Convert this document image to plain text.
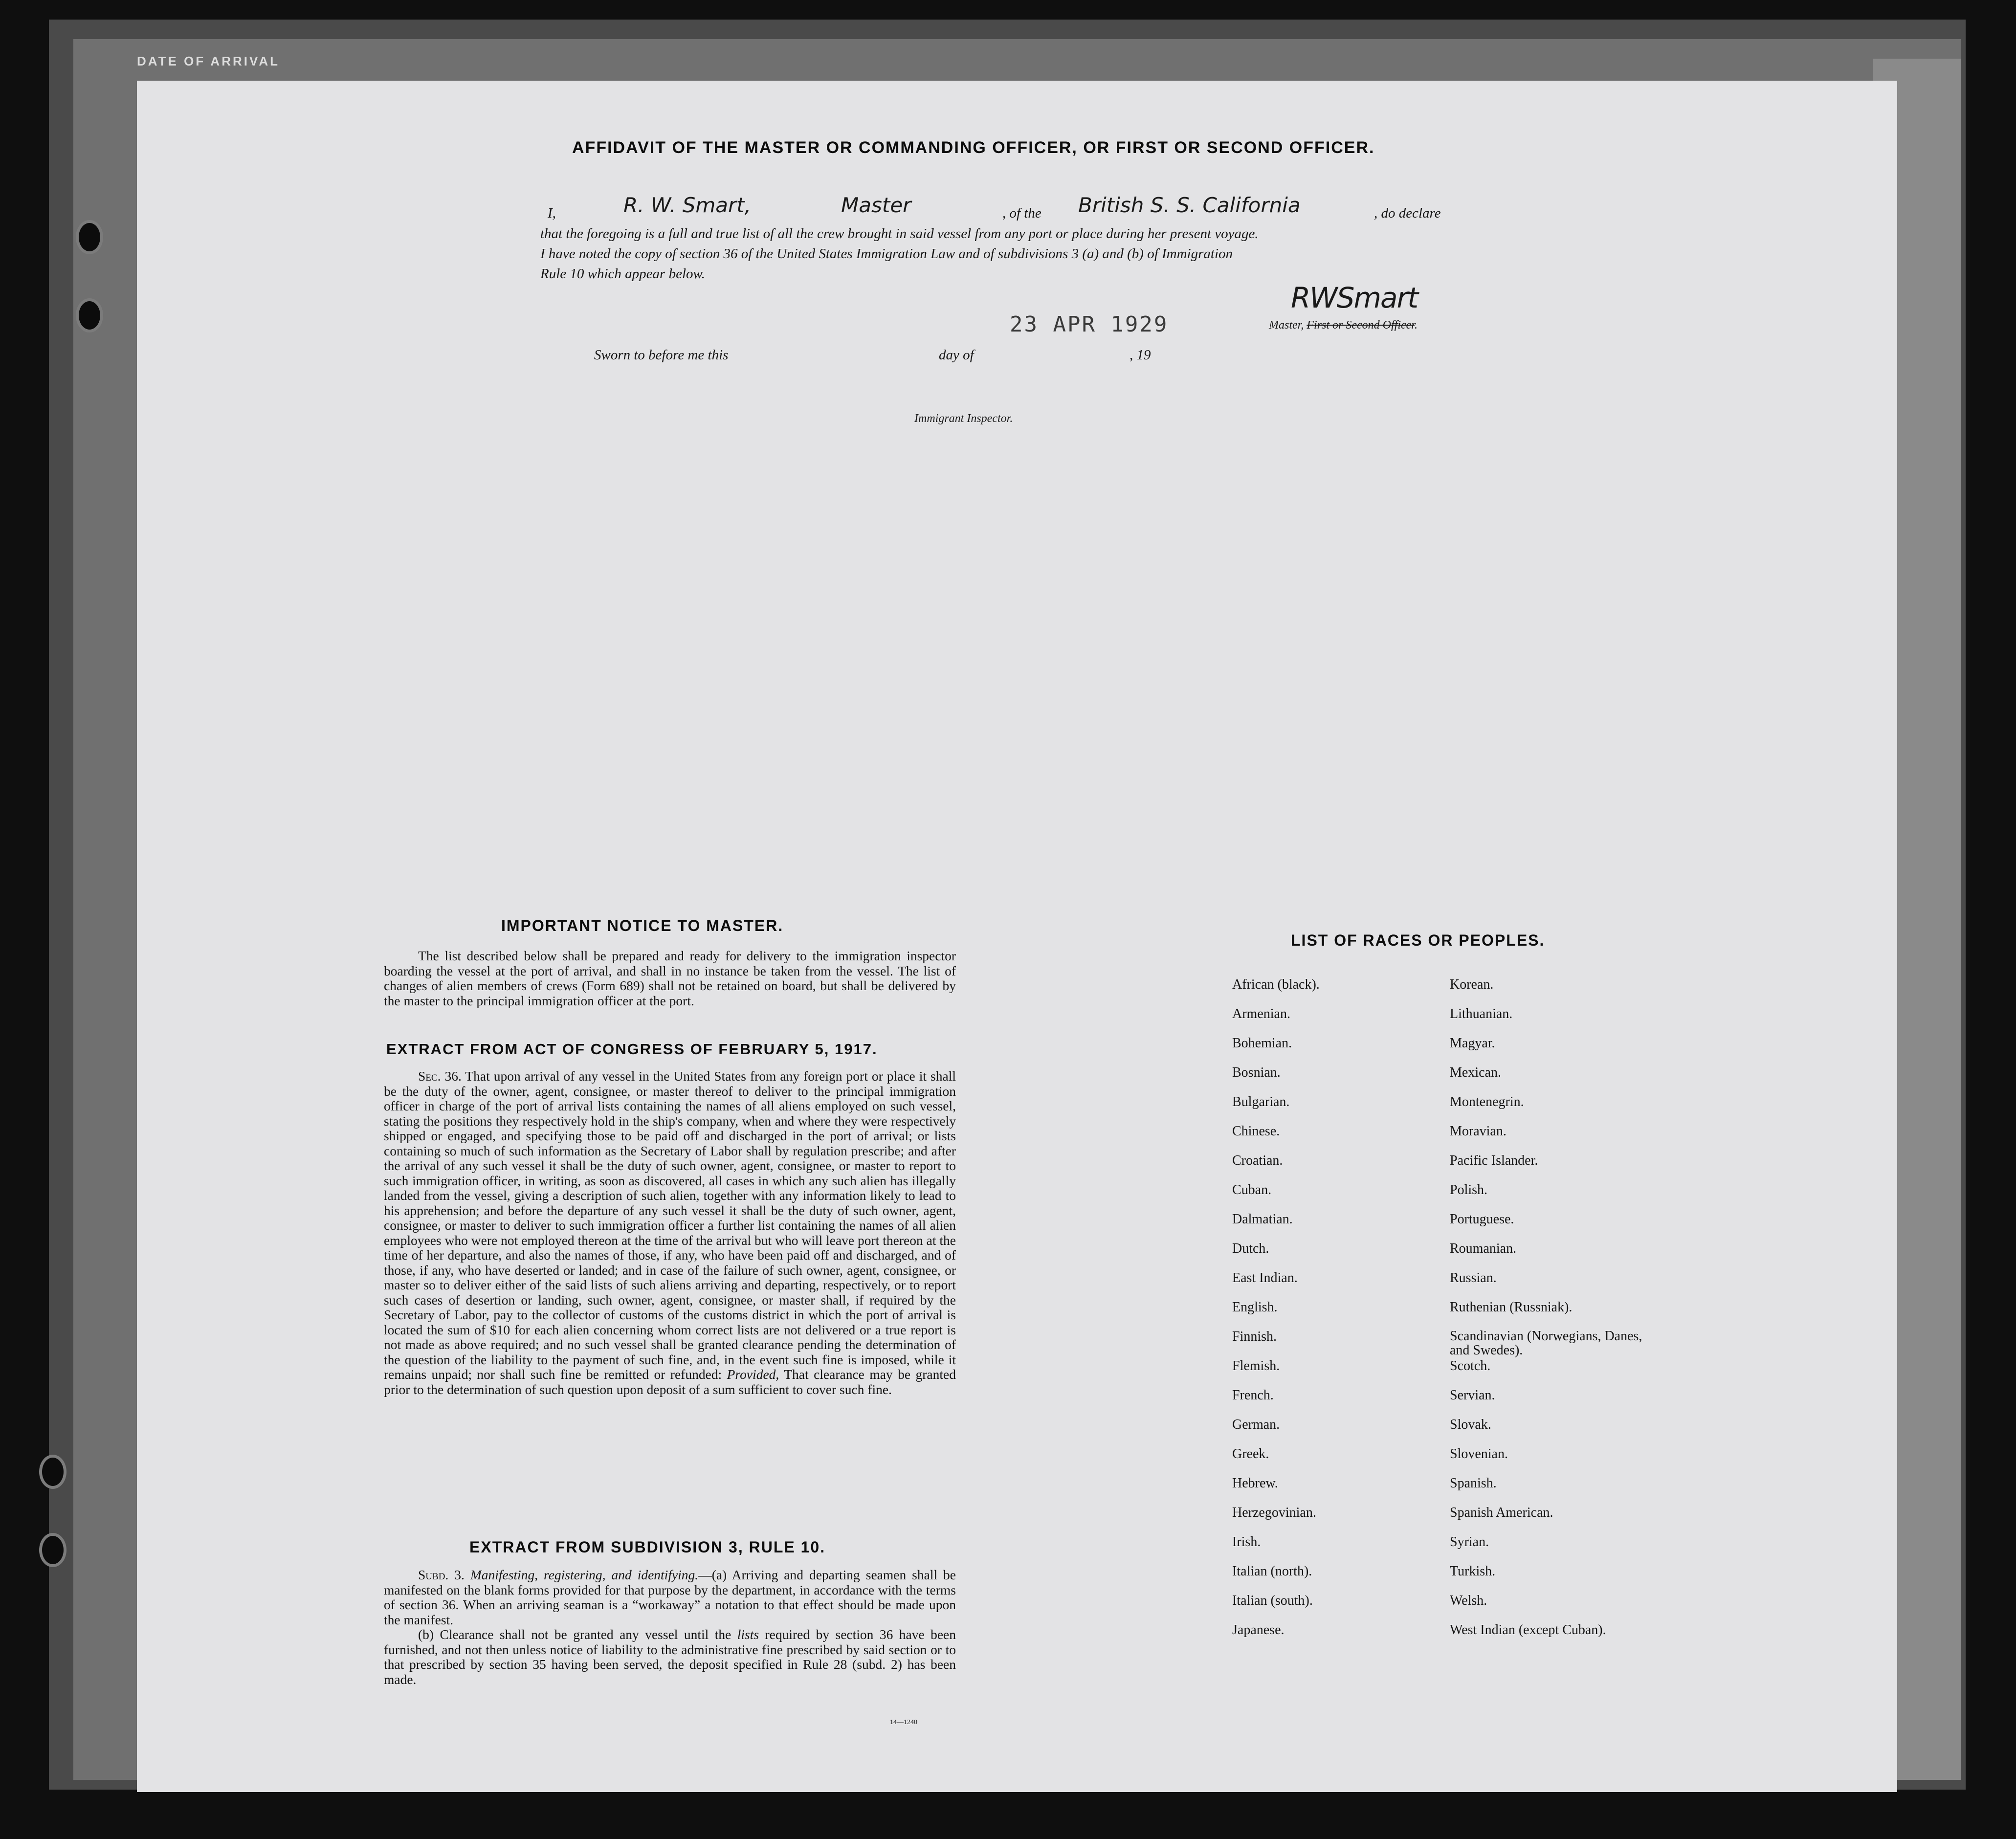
DATE OF ARRIVAL
AFFIDAVIT OF THE MASTER OR COMMANDING OFFICER, OR FIRST OR SECOND OFFICER.
I,	R. W. Smart,	Master	, of the British S. S. California	, do declare
that the foregoing is a full and true list of all the crew brought in said vessel from any port or place during her present voyage.
I have noted the copy of section 36 of the United States Immigration Law and of subdivisions 3 (a) and (b) of Immigration
Rule 10 which appear below.
RWSmart
Master, First or Second Officer.
23 APR 1929
Sworn to before me this	day of	, 19
Immigrant Inspector.
IMPORTANT NOTICE TO MASTER.

The list described below shall be prepared and ready for delivery to the immigration inspector boarding the vessel at the port of arrival, and shall in no instance be taken from the vessel. The list of changes of alien members of crews (Form 689) shall not be retained on board, but shall be delivered by the master to the principal immigration officer at the port.

EXTRACT FROM ACT OF CONGRESS OF FEBRUARY 5, 1917.

Sec. 36. That upon arrival of any vessel in the United States from any foreign port or place it shall be the duty of the owner, agent, consignee, or master thereof to deliver to the principal immigration officer in charge of the port of arrival lists containing the names of all aliens employed on such vessel, stating the positions they respectively hold in the ship's company, when and where they were respectively shipped or engaged, and specifying those to be paid off and discharged in the port of arrival; or lists containing so much of such information as the Secretary of Labor shall by regulation prescribe; and after the arrival of any such vessel it shall be the duty of such owner, agent, consignee, or master to report to such immigration officer, in writing, as soon as discovered, all cases in which any such alien has illegally landed from the vessel, giving a description of such alien, together with any information likely to lead to his apprehension; and before the departure of any such vessel it shall be the duty of such owner, agent, consignee, or master to deliver to such immigration officer a further list containing the names of all alien employees who were not employed thereon at the time of the arrival but who will leave port thereon at the time of her departure, and also the names of those, if any, who have been paid off and discharged, and of those, if any, who have deserted or landed; and in case of the failure of such owner, agent, consignee, or master so to deliver either of the said lists of such aliens arriving and departing, respectively, or to report such cases of desertion or landing, such owner, agent, consignee, or master shall, if required by the Secretary of Labor, pay to the collector of customs of the customs district in which the port of arrival is located the sum of $10 for each alien concerning whom correct lists are not delivered or a true report is not made as above required; and no such vessel shall be granted clearance pending the determination of the question of the liability to the payment of such fine, and, in the event such fine is imposed, while it remains unpaid; nor shall such fine be remitted or refunded: Provided, That clearance may be granted prior to the determination of such question upon deposit of a sum sufficient to cover such fine.

EXTRACT FROM SUBDIVISION 3, RULE 10.

Subd. 3. Manifesting, registering, and identifying.—(a) Arriving and departing seamen shall be manifested on the blank forms provided for that purpose by the department, in accordance with the terms of section 36. When an arriving seaman is a “workaway” a notation to that effect should be made upon the manifest.

(b) Clearance shall not be granted any vessel until the lists required by section 36 have been furnished, and not then unless notice of liability to the administrative fine prescribed by said section or to that prescribed by section 35 having been served, the deposit specified in Rule 28 (subd. 2) has been made.

14—1240
LIST OF RACES OR PEOPLES.
African (black).
Armenian.
Bohemian.
Bosnian.
Bulgarian.
Chinese.
Croatian.
Cuban.
Dalmatian.
Dutch.
East Indian.
English.
Finnish.
Flemish.
French.
German.
Greek.
Hebrew.
Herzegovinian.
Irish.
Italian (north).
Italian (south).
Japanese.
Korean.
Lithuanian.
Magyar.
Mexican.
Montenegrin.
Moravian.
Pacific Islander.
Polish.
Portuguese.
Roumanian.
Russian.
Ruthenian (Russniak).
Scandinavian (Norwegians, Danes, and Swedes).
Scotch.
Servian.
Slovak.
Slovenian.
Spanish.
Spanish American.
Syrian.
Turkish.
Welsh.
West Indian (except Cuban).
